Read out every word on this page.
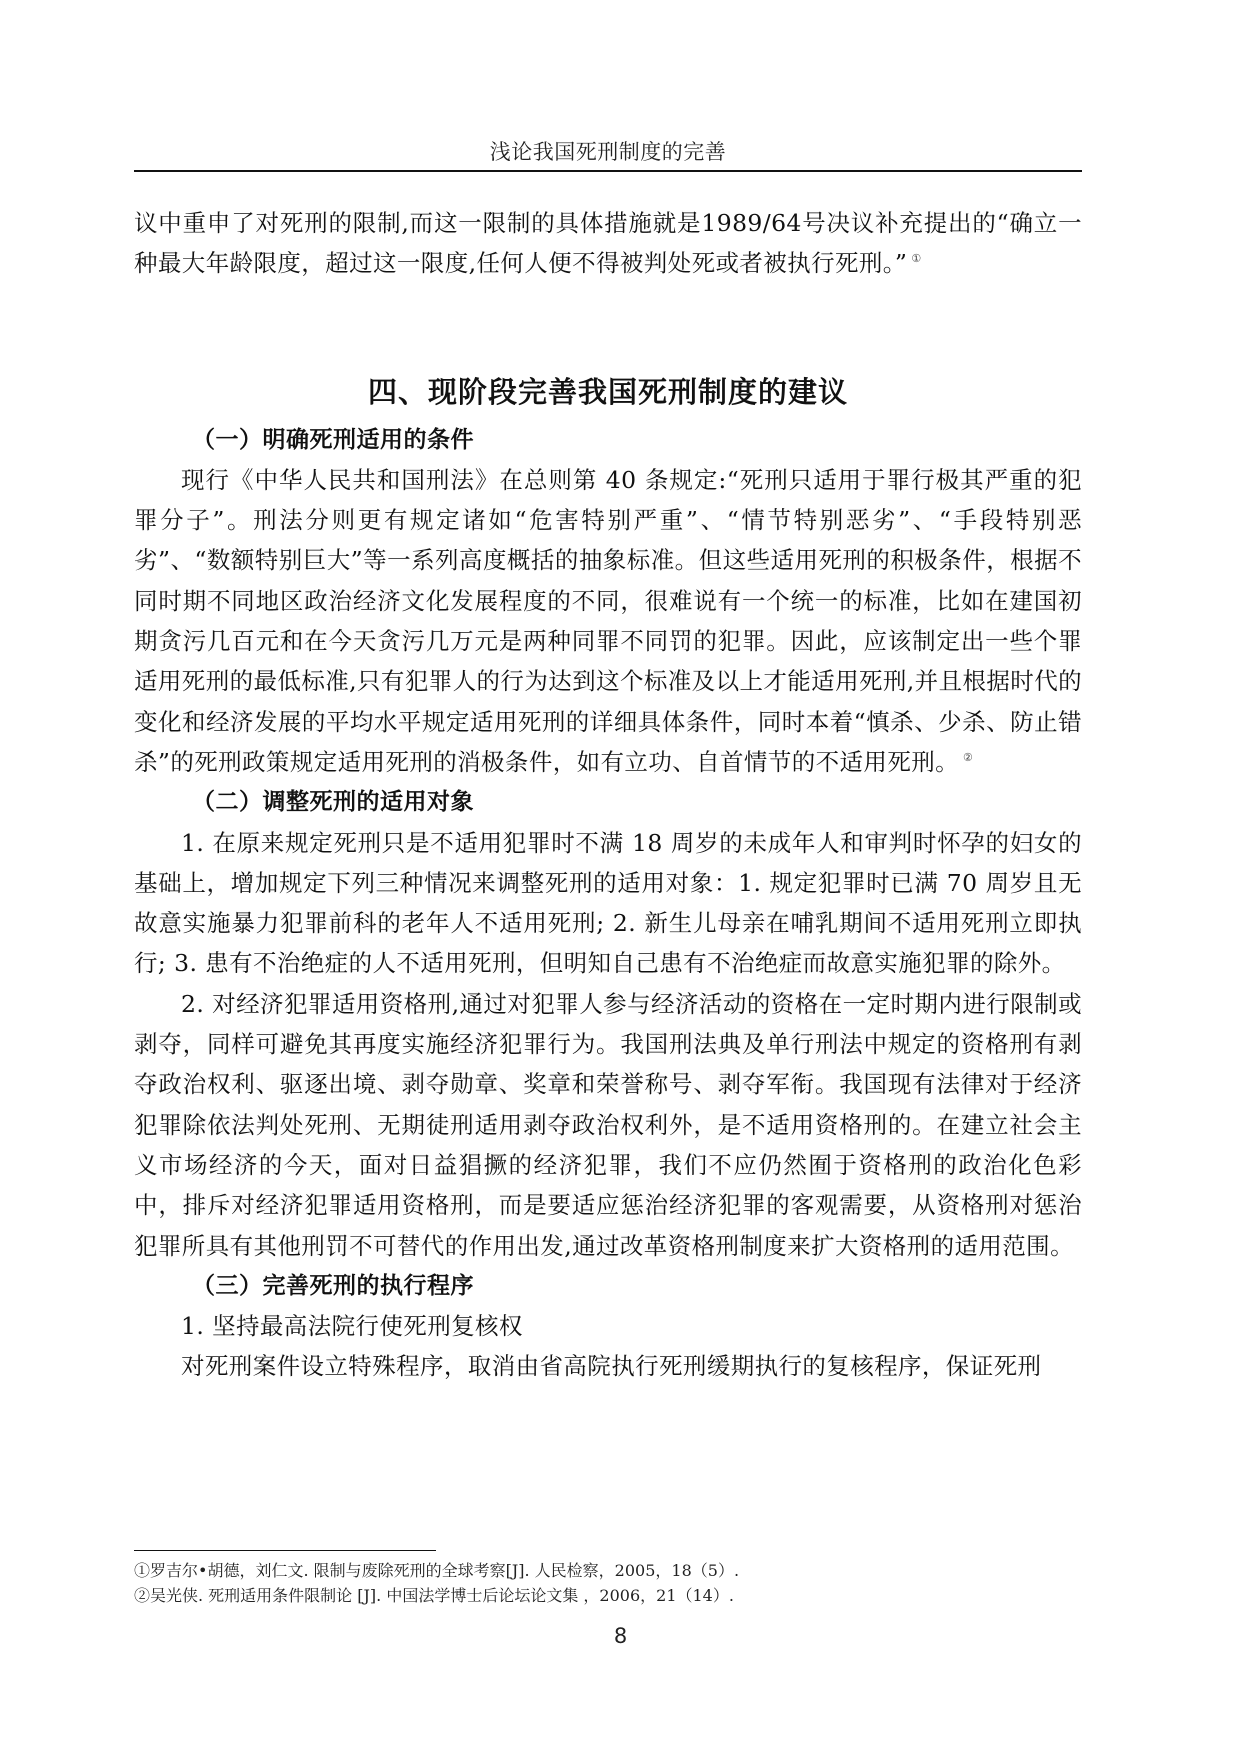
浅论我国死刑制度的完善

议中重申了对死刑的限制,而这一限制的具体措施就是1989/64号决议补充提出的“确立一种最大年龄限度，超过这一限度,任何人便不得被判处死或者被执行死刑。” ①

四、现阶段完善我国死刑制度的建议
（一）明确死刑适用的条件

现行《中华人民共和国刑法》在总则第 40 条规定:“死刑只适用于罪行极其严重的犯罪分子”。刑法分则更有规定诸如“危害特别严重”、“情节特别恶劣”、“手段特别恶劣”、“数额特别巨大”等一系列高度概括的抽象标准。但这些适用死刑的积极条件，根据不同时期不同地区政治经济文化发展程度的不同，很难说有一个统一的标准，比如在建国初期贪污几百元和在今天贪污几万元是两种同罪不同罚的犯罪。因此，应该制定出一些个罪适用死刑的最低标准,只有犯罪人的行为达到这个标准及以上才能适用死刑,并且根据时代的变化和经济发展的平均水平规定适用死刑的详细具体条件，同时本着“慎杀、少杀、防止错杀”的死刑政策规定适用死刑的消极条件，如有立功、自首情节的不适用死刑。 ②

（二）调整死刑的适用对象

1. 在原来规定死刑只是不适用犯罪时不满 18 周岁的未成年人和审判时怀孕的妇女的基础上，增加规定下列三种情况来调整死刑的适用对象：1. 规定犯罪时已满 70 周岁且无故意实施暴力犯罪前科的老年人不适用死刑; 2. 新生儿母亲在哺乳期间不适用死刑立即执行; 3. 患有不治绝症的人不适用死刑，但明知自己患有不治绝症而故意实施犯罪的除外。

2. 对经济犯罪适用资格刑,通过对犯罪人参与经济活动的资格在一定时期内进行限制或剥夺，同样可避免其再度实施经济犯罪行为。我国刑法典及单行刑法中规定的资格刑有剥夺政治权利、驱逐出境、剥夺勋章、奖章和荣誉称号、剥夺军衔。我国现有法律对于经济犯罪除依法判处死刑、无期徒刑适用剥夺政治权利外，是不适用资格刑的。在建立社会主义市场经济的今天，面对日益猖撅的经济犯罪，我们不应仍然囿于资格刑的政治化色彩中，排斥对经济犯罪适用资格刑，而是要适应惩治经济犯罪的客观需要，从资格刑对惩治犯罪所具有其他刑罚不可替代的作用出发,通过改革资格刑制度来扩大资格刑的适用范围。

（三）完善死刑的执行程序

1. 坚持最高法院行使死刑复核权

对死刑案件设立特殊程序，取消由省高院执行死刑缓期执行的复核程序，保证死刑

①罗吉尔•胡德，刘仁文. 限制与废除死刑的全球考察[J]. 人民检察，2005，18（5）.

②吴光侠. 死刑适用条件限制论 [J]. 中国法学博士后论坛论文集 ，2006，21（14）.

8
